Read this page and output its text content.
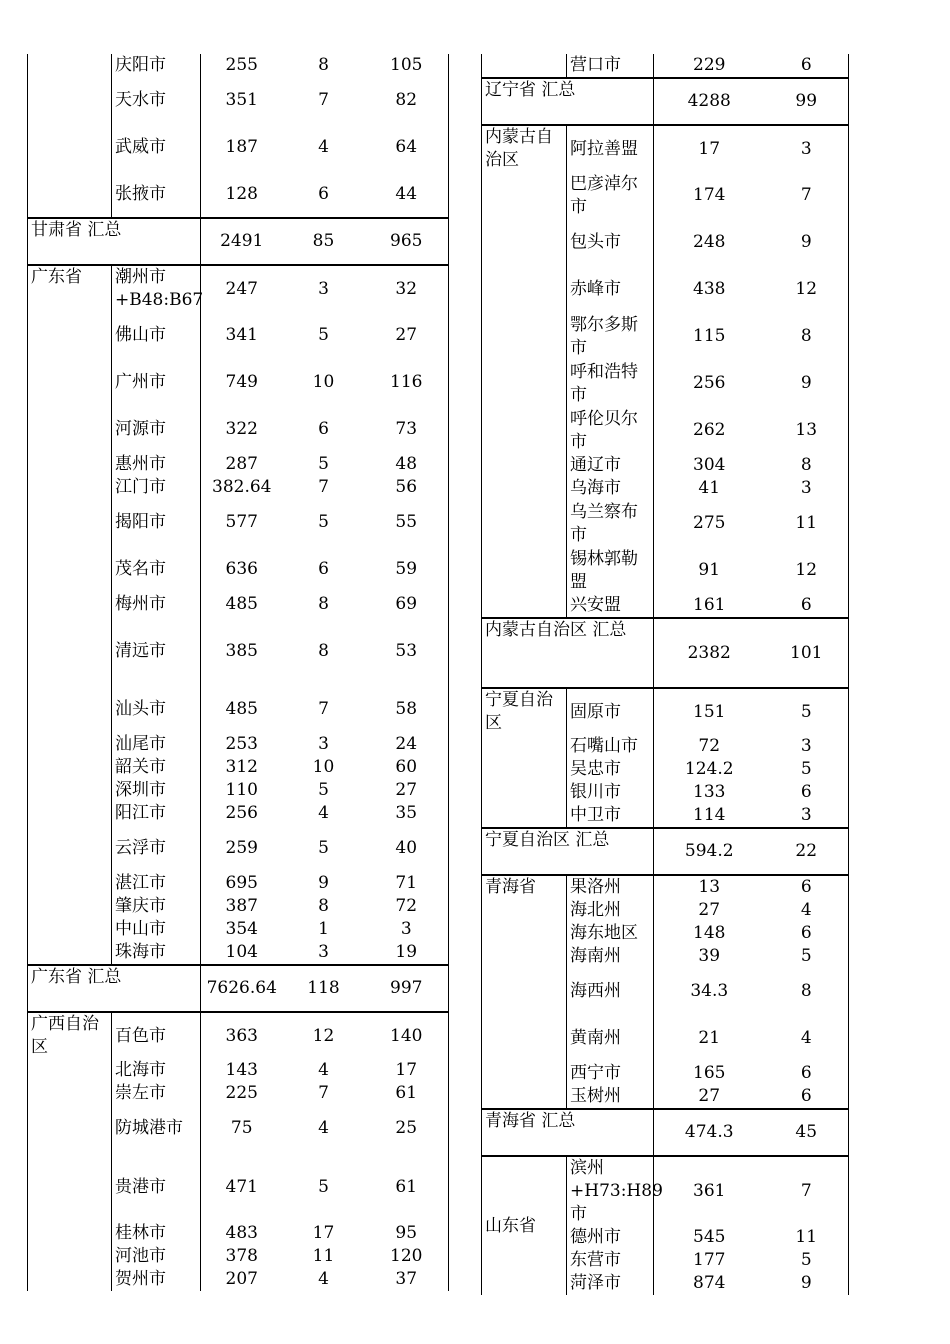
	庆阳市	255	8	105
	天水市	351	7	82
	武威市	187	4	64
	张掖市	128	6	44
甘肃省 汇总		2491	85	965
广东省	潮州市 +B48:B67	247	3	32
	佛山市	341	5	27
	广州市	749	10	116
	河源市	322	6	73
	惠州市	287	5	48
	江门市	382.64	7	56
	揭阳市	577	5	55
	茂名市	636	6	59
	梅州市	485	8	69
	清远市	385	8	53
	汕头市	485	7	58
	汕尾市	253	3	24
	韶关市	312	10	60
	深圳市	110	5	27
	阳江市	256	4	35
	云浮市	259	5	40
	湛江市	695	9	71
	肇庆市	387	8	72
	中山市	354	1	3
	珠海市	104	3	19
广东省 汇总		7626.64	118	997
广西自治区	百色市	363	12	140
	北海市	143	4	17
	崇左市	225	7	61
	防城港市	75	4	25
	贵港市	471	5	61
	桂林市	483	17	95
	河池市	378	11	120
	贺州市	207	4	37
	营口市	229	6
辽宁省 汇总		4288	99
内蒙古自治区	阿拉善盟	17	3
	巴彦淖尔市	174	7
	包头市	248	9
	赤峰市	438	12
	鄂尔多斯市	115	8
	呼和浩特市	256	9
	呼伦贝尔市	262	13
	通辽市	304	8
	乌海市	41	3
	乌兰察布市	275	11
	锡林郭勒盟	91	12
	兴安盟	161	6
内蒙古自治区 汇总		2382	101
宁夏自治区	固原市	151	5
	石嘴山市	72	3
	吴忠市	124.2	5
	银川市	133	6
	中卫市	114	3
宁夏自治区 汇总		594.2	22
青海省	果洛州	13	6
	海北州	27	4
	海东地区	148	6
	海南州	39	5
	海西州	34.3	8
	黄南州	21	4
	西宁市	165	6
	玉树州	27	6
青海省 汇总		474.3	45
山东省	滨州 +H73:H89 市	361	7
	德州市	545	11
	东营市	177	5
	菏泽市	874	9
